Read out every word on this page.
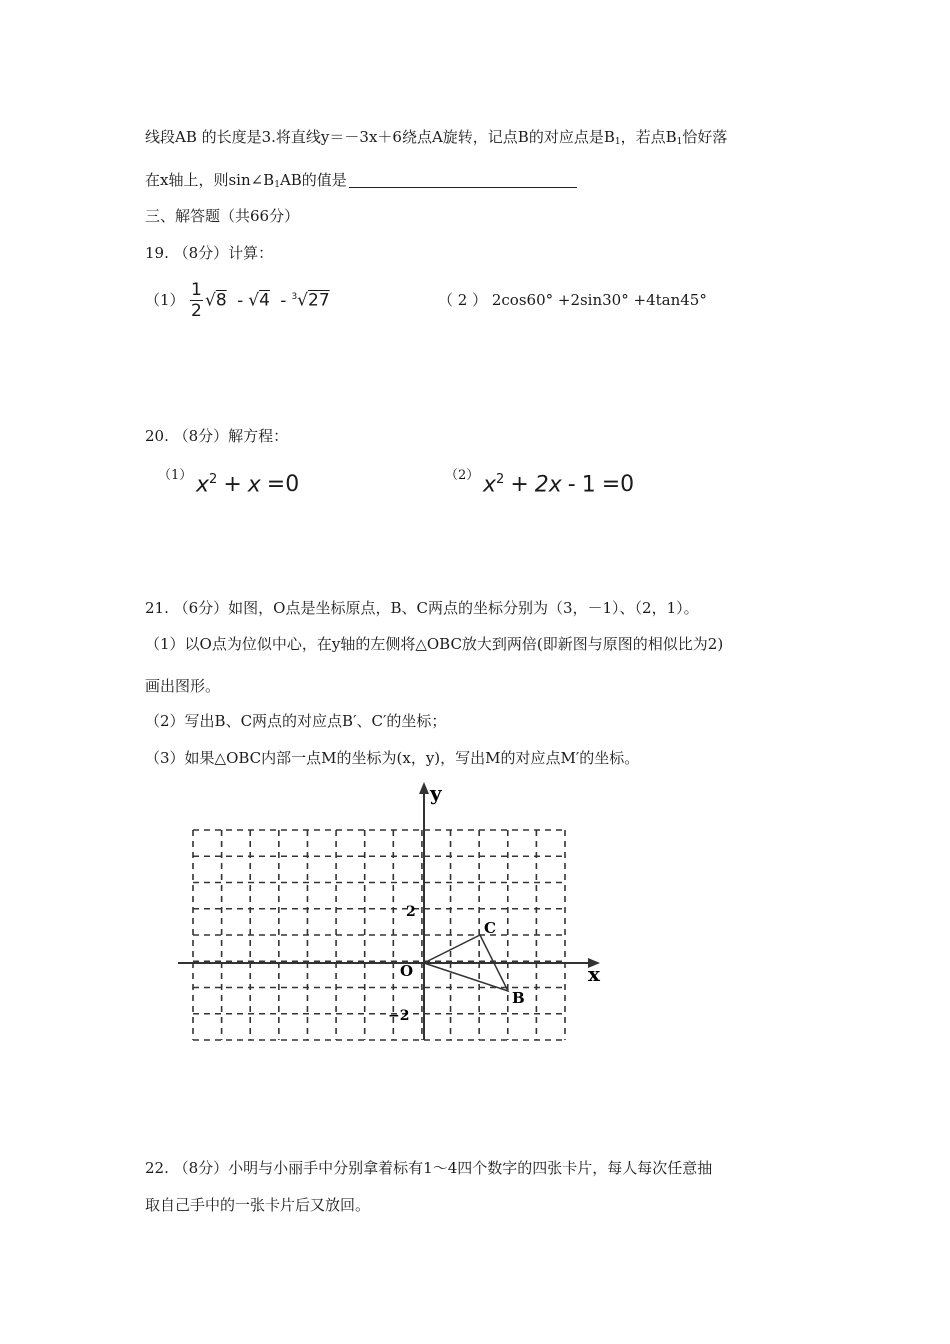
线段AB 的长度是3.将直线y＝－3x＋6绕点A旋转，记点B的对应点是$B_1$，若点$B_1$恰好落
在x轴上，则$\sin\angle B_1AB$的值是
三、解答题（共66分）
19. （8分）计算：
$(1) \frac{1}{2} √8 - √4 - ^3√27$	（ 2 ） 2cos60° +2sin30° +4tan45°
20. （8分）解方程：
（1） $x^2 + x =0$	（2） $x^2 + 2x - 1 =0$
21. （6分）如图，O点是坐标原点，B、C两点的坐标分别为（3，－1）、（2，1）。
（1）以O点为位似中心，在y轴的左侧将△OBC放大到两倍(即新图与原图的相似比为2)
画出图形。
（2）写出B、C两点的对应点B′、C′的坐标；
（3）如果△OBC内部一点M的坐标为(x，y)，写出M的对应点M′的坐标。
x
y
O
2
−2
C
B
22. （8分）小明与小丽手中分别拿着标有1～4四个数字的四张卡片，每人每次任意抽
取自己手中的一张卡片后又放回。
